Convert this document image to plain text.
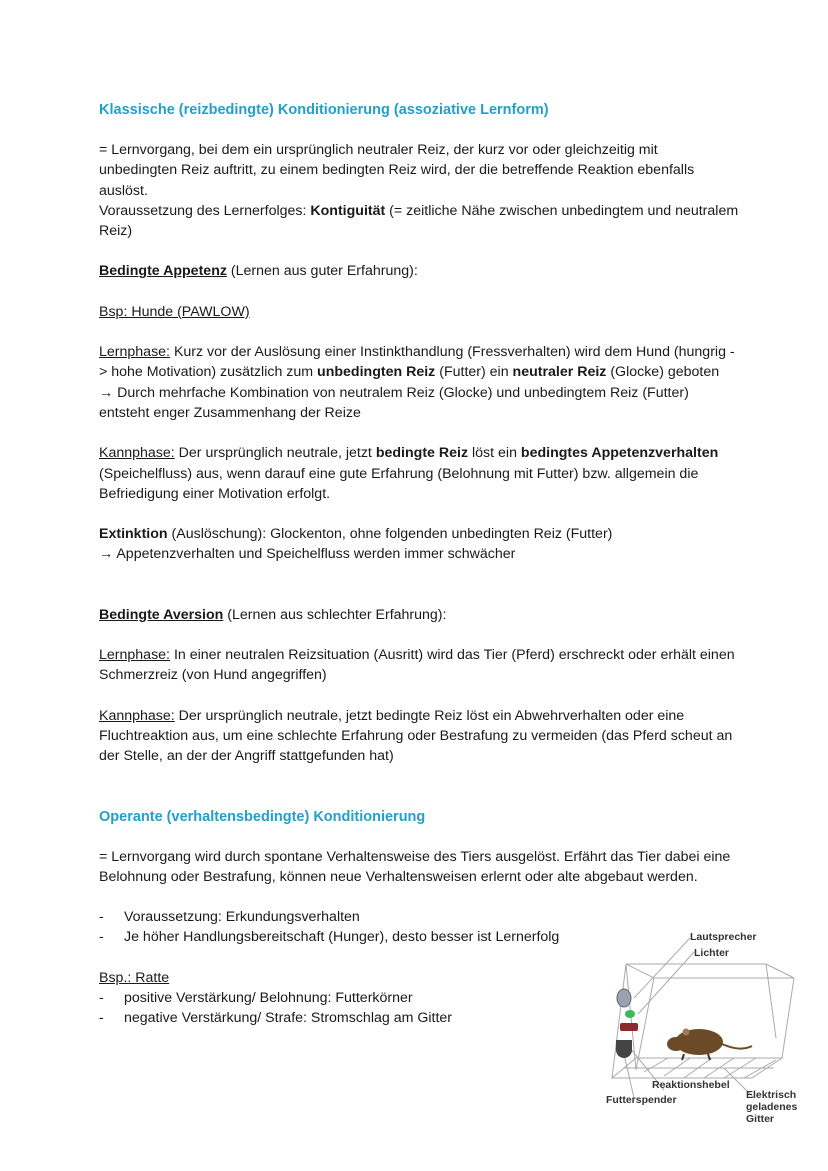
Klassische (reizbedingte) Konditionierung (assoziative Lernform)

= Lernvorgang, bei dem ein ursprünglich neutraler Reiz, der kurz vor oder gleichzeitig mit unbedingten Reiz auftritt, zu einem bedingten Reiz wird, der die betreffende Reaktion ebenfalls auslöst.

Voraussetzung des Lernerfolges: Kontiguität (= zeitliche Nähe zwischen unbedingtem und neutralem Reiz)

Bedingte Appetenz (Lernen aus guter Erfahrung):

Bsp: Hunde (PAWLOW)

Lernphase: Kurz vor der Auslösung einer Instinkthandlung (Fressverhalten) wird dem Hund (hungrig -> hohe Motivation) zusätzlich zum unbedingten Reiz (Futter) ein neutraler Reiz (Glocke) geboten

→ Durch mehrfache Kombination von neutralem Reiz (Glocke) und unbedingtem Reiz (Futter) entsteht enger Zusammenhang der Reize

Kannphase: Der ursprünglich neutrale, jetzt bedingte Reiz löst ein bedingtes Appetenzverhalten (Speichelfluss) aus, wenn darauf eine gute Erfahrung (Belohnung mit Futter) bzw. allgemein die Befriedigung einer Motivation erfolgt.

Extinktion (Auslöschung): Glockenton, ohne folgenden unbedingten Reiz (Futter)

→ Appetenzverhalten und Speichelfluss werden immer schwächer

Bedingte Aversion (Lernen aus schlechter Erfahrung):

Lernphase: In einer neutralen Reizsituation (Ausritt) wird das Tier (Pferd) erschreckt oder erhält einen Schmerzreiz (von Hund angegriffen)

Kannphase: Der ursprünglich neutrale, jetzt bedingte Reiz löst ein Abwehrverhalten oder eine Fluchtreaktion aus, um eine schlechte Erfahrung oder Bestrafung zu vermeiden (das Pferd scheut an der Stelle, an der der Angriff stattgefunden hat)

Operante (verhaltensbedingte) Konditionierung

= Lernvorgang wird durch spontane Verhaltensweise des Tiers ausgelöst. Erfährt das Tier dabei eine Belohnung oder Bestrafung, können neue Verhaltensweisen erlernt oder alte abgebaut werden.

- Voraussetzung: Erkundungsverhalten
- Je höher Handlungsbereitschaft (Hunger), desto besser ist Lernerfolg

Bsp.: Ratte

- positive Verstärkung/ Belohnung: Futterkörner
- negative Verstärkung/ Strafe: Stromschlag am Gitter
Lautsprecher
Lichter
Reaktionshebel
Futterspender	Elektrisch
geladenes
Gitter
